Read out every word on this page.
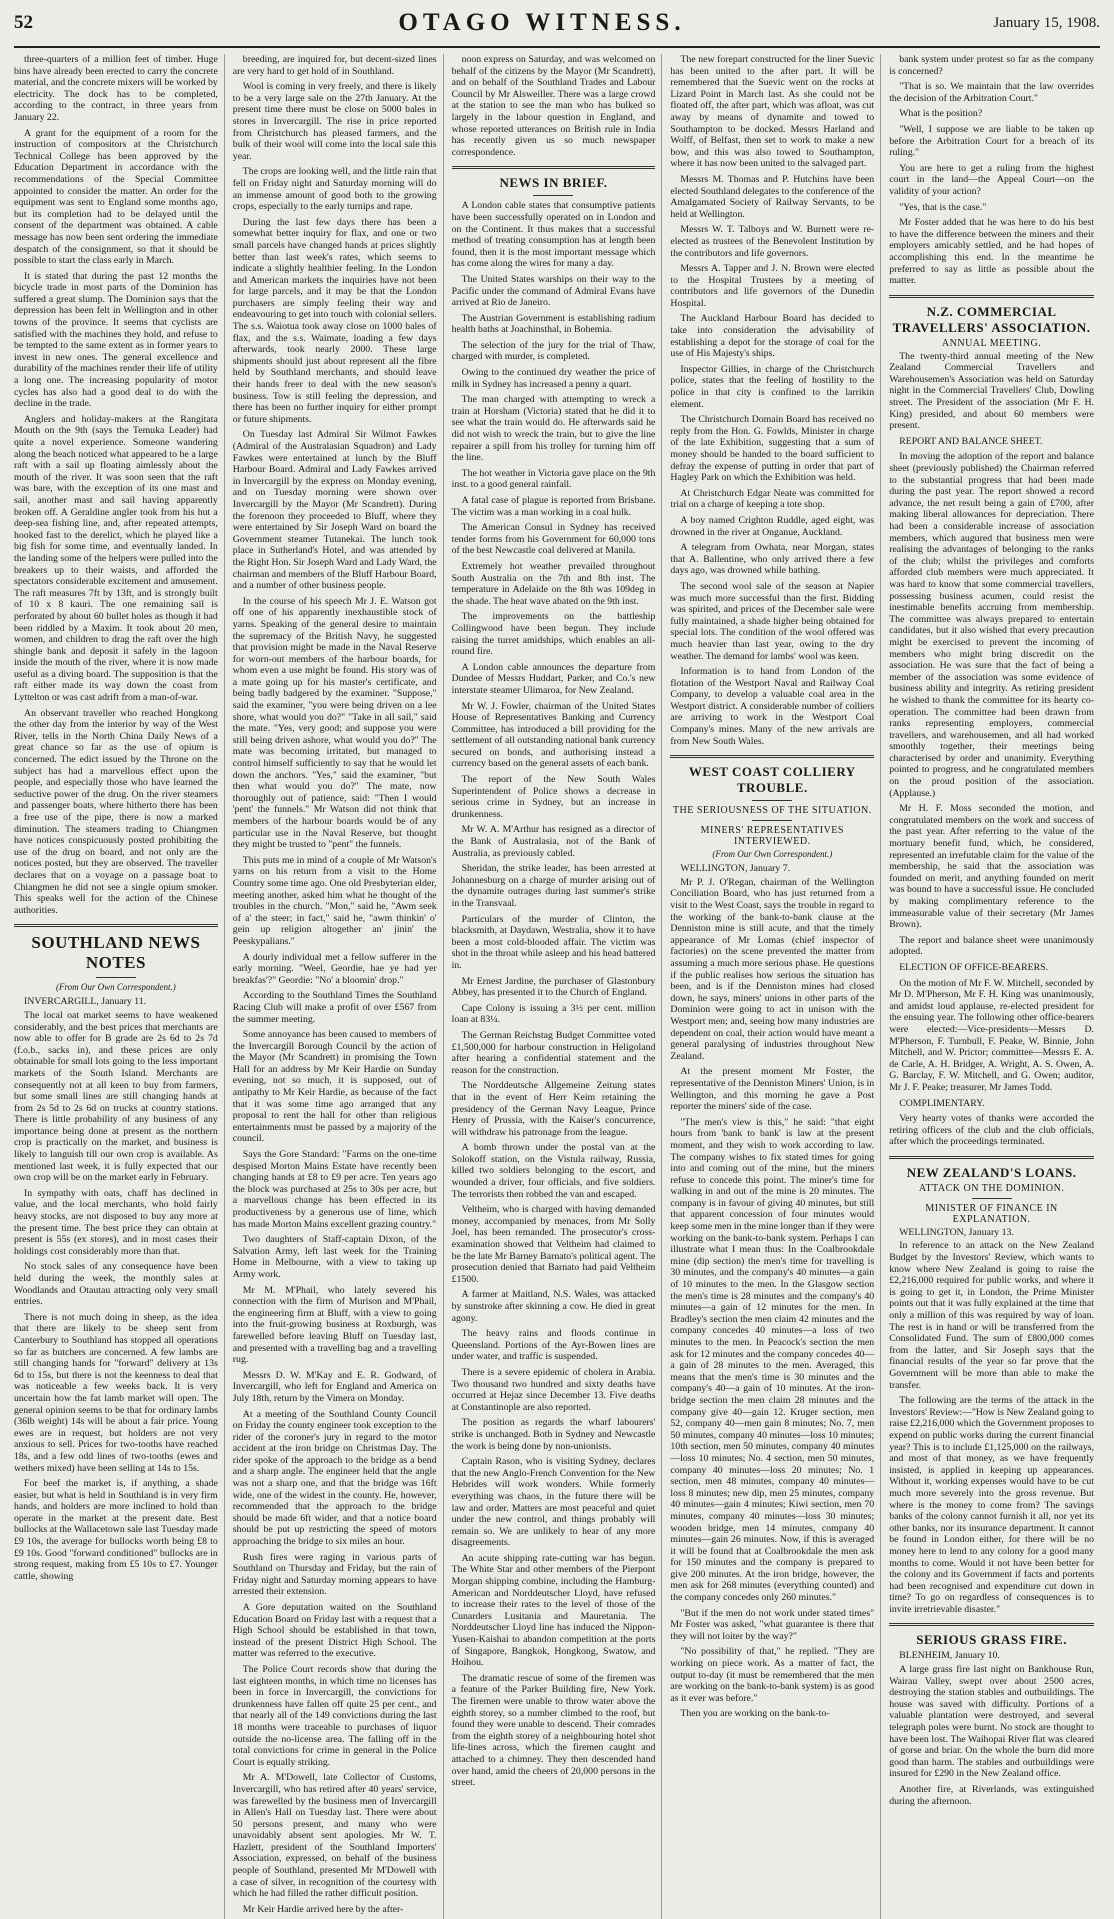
52	OTAGO WITNESS.	January 15, 1908.

three-quarters of a million feet of timber. Huge bins have already been erected to carry the concrete material, and the concrete mixers will be worked by electricity. The dock has to be completed, according to the contract, in three years from January 22.

A grant for the equipment of a room for the instruction of compositors at the Christchurch Technical College has been approved by the Education Department in accordance with the recommendations of the Special Committee appointed to consider the matter. An order for the equipment was sent to England some months ago, but its completion had to be delayed until the consent of the department was obtained. A cable message has now been sent ordering the immediate despatch of the consignment, so that it should be possible to start the class early in March.

It is stated that during the past 12 months the bicycle trade in most parts of the Dominion has suffered a great slump. The Dominion says that the depression has been felt in Wellington and in other towns of the province. It seems that cyclists are satisfied with the machines they hold, and refuse to be tempted to the same extent as in former years to invest in new ones. The general excellence and durability of the machines render their life of utility a long one. The increasing popularity of motor cycles has also had a good deal to do with the decline in the trade.

Anglers and holiday-makers at the Rangitata Mouth on the 9th (says the Temuka Leader) had quite a novel experience. Someone wandering along the beach noticed what appeared to be a large raft with a sail up floating aimlessly about the mouth of the river. It was soon seen that the raft was bare, with the exception of its one mast and sail, another mast and sail having apparently broken off. A Geraldine angler took from his hut a deep-sea fishing line, and, after repeated attempts, hooked fast to the derelict, which he played like a big fish for some time, and eventually landed. In the landing some of the helpers were pulled into the breakers up to their waists, and afforded the spectators considerable excitement and amusement. The raft measures 7ft by 13ft, and is strongly built of 10 x 8 kauri. The one remaining sail is perforated by about 60 bullet holes as though it had been riddled by a Maxim. It took about 20 men, women, and children to drag the raft over the high shingle bank and deposit it safely in the lagoon inside the mouth of the river, where it is now made useful as a diving board. The supposition is that the raft either made its way down the coast from Lyttelton or was cast adrift from a man-of-war.

An observant traveller who reached Hongkong the other day from the interior by way of the West River, tells in the North China Daily News of a great chance so far as the use of opium is concerned. The edict issued by the Throne on the subject has had a marvellous effect upon the people, and especially those who have learned the seductive power of the drug. On the river steamers and passenger boats, where hitherto there has been a free use of the pipe, there is now a marked diminution. The steamers trading to Chiangmen have notices conspicuously posted prohibiting the use of the drug on board, and not only are the notices posted, but they are observed. The traveller declares that on a voyage on a passage boat to Chiangmen he did not see a single opium smoker. This speaks well for the action of the Chinese authorities.

SOUTHLAND NEWS NOTES
(From Our Own Correspondent.)
INVERCARGILL, January 11.

The local oat market seems to have weakened considerably, and the best prices that merchants are now able to offer for B grade are 2s 6d to 2s 7d (f.o.b., sacks in), and these prices are only obtainable for small lots going to the less important markets of the South Island. Merchants are consequently not at all keen to buy from farmers, but some small lines are still changing hands at from 2s 5d to 2s 6d on trucks at country stations. There is little probability of any business of any importance being done at present as the northern crop is practically on the market, and business is likely to languish till our own crop is available. As mentioned last week, it is fully expected that our own crop will be on the market early in February.

In sympathy with oats, chaff has declined in value, and the local merchants, who hold fairly heavy stocks, are not disposed to buy any more at the present time. The best price they can obtain at present is 55s (ex stores), and in most cases their holdings cost considerably more than that.

No stock sales of any consequence have been held during the week, the monthly sales at Woodlands and Otautau attracting only very small entries.

There is not much doing in sheep, as the idea that there are likely to be sheep sent from Canterbury to Southland has stopped all operations so far as butchers are concerned. A few lambs are still changing hands for "forward" delivery at 13s 6d to 15s, but there is not the keenness to deal that was noticeable a few weeks back. It is very uncertain how the fat lamb market will open. The general opinion seems to be that for ordinary lambs (36lb weight) 14s will be about a fair price. Young ewes are in request, but holders are not very anxious to sell. Prices for two-tooths have reached 18s, and a few odd lines of two-tooths (ewes and wethers mixed) have been selling at 14s to 15s.

For beef the market is, if anything, a shade easier, but what is held in Southland is in very firm hands, and holders are more inclined to hold than operate in the market at the present date. Best bullocks at the Wallacetown sale last Tuesday made £9 10s, the average for bullocks worth being £8 to £9 10s. Good "forward conditioned" bullocks are in strong request, making from £5 10s to £7. Younger cattle, showing

breeding, are inquired for, but decent-sized lines are very hard to get hold of in Southland.

Wool is coming in very freely, and there is likely to be a very large sale on the 27th January. At the present time there must be close on 5000 bales in stores in Invercargill. The rise in price reported from Christchurch has pleased farmers, and the bulk of their wool will come into the local sale this year.

The crops are looking well, and the little rain that fell on Friday night and Saturday morning will do an immense amount of good both to the growing crops, especially to the early turnips and rape.

During the last few days there has been a somewhat better inquiry for flax, and one or two small parcels have changed hands at prices slightly better than last week's rates, which seems to indicate a slightly healthier feeling. In the London and American markets the inquiries have not been for large parcels, and it may be that the London purchasers are simply feeling their way and endeavouring to get into touch with colonial sellers. The s.s. Waiotua took away close on 1000 bales of flax, and the s.s. Waimate, loading a few days afterwards, took nearly 2000. These large shipments should just about represent all the fibre held by Southland merchants, and should leave their hands freer to deal with the new season's business. Tow is still feeling the depression, and there has been no further inquiry for either prompt or future shipments.

On Tuesday last Admiral Sir Wilmot Fawkes (Admiral of the Australasian Squadron) and Lady Fawkes were entertained at lunch by the Bluff Harbour Board. Admiral and Lady Fawkes arrived in Invercargill by the express on Monday evening, and on Tuesday morning were shown over Invercargill by the Mayor (Mr Scandrett). During the forenoon they proceeded to Bluff, where they were entertained by Sir Joseph Ward on board the Government steamer Tutanekai. The lunch took place in Sutherland's Hotel, and was attended by the Right Hon. Sir Joseph Ward and Lady Ward, the chairman and members of the Bluff Harbour Board, and a number of other business people.

In the course of his speech Mr J. E. Watson got off one of his apparently inexhaustible stock of yarns. Speaking of the general desire to maintain the supremacy of the British Navy, he suggested that provision might be made in the Naval Reserve for worn-out members of the harbour boards, for whom even a use might be found. His story was of a mate going up for his master's certificate, and being badly badgered by the examiner. "Suppose," said the examiner, "you were being driven on a lee shore, what would you do?" "Take in all sail," said the mate. "Yes, very good; and suppose you were still being driven ashore, what would you do?" The mate was becoming irritated, but managed to control himself sufficiently to say that he would let down the anchors. "Yes," said the examiner, "but then what would you do?" The mate, now thoroughly out of patience, said: "Then I would 'pent' the funnels." Mr Watson did not think that members of the harbour boards would be of any particular use in the Naval Reserve, but thought they might be trusted to "pent" the funnels.

This puts me in mind of a couple of Mr Watson's yarns on his return from a visit to the Home Country some time ago. One old Presbyterian elder, meeting another, asked him what he thought of the troubles in the church. "Mon," said he, "Awm seek of a' the steer; in fact," said he, "awm thinkin' o' gein up religion altogether an' jinin' the Peeskypalians."

A dourly individual met a fellow sufferer in the early morning. "Weel, Geordie, hae ye had yer breakfas'?" Geordie: "No' a bloomin' drop."

According to the Southland Times the Southland Racing Club will make a profit of over £567 from the summer meeting.

Some annoyance has been caused to members of the Invercargill Borough Council by the action of the Mayor (Mr Scandrett) in promising the Town Hall for an address by Mr Keir Hardie on Sunday evening, not so much, it is supposed, out of antipathy to Mr Keir Hardie, as because of the fact that it was some time ago arranged that any proposal to rent the hall for other than religious entertainments must be passed by a majority of the council.

Says the Gore Standard: "Farms on the one-time despised Morton Mains Estate have recently been changing hands at £8 to £9 per acre. Ten years ago the block was purchased at 25s to 30s per acre, but a marvellous change has been effected in its productiveness by a generous use of lime, which has made Morton Mains excellent grazing country."

Two daughters of Staff-captain Dixon, of the Salvation Army, left last week for the Training Home in Melbourne, with a view to taking up Army work.

Mr M. M'Phail, who lately severed his connection with the firm of Murison and M'Phail, the engineering firm at Bluff, with a view to going into the fruit-growing business at Roxburgh, was farewelled before leaving Bluff on Tuesday last, and presented with a travelling bag and a travelling rug.

Messrs D. W. M'Kay and E. R. Godward, of Invercargill, who left for England and America on July 18th, return by the Vimera on Monday.

At a meeting of the Southland County Council on Friday the county engineer took exception to the rider of the coroner's jury in regard to the motor accident at the iron bridge on Christmas Day. The rider spoke of the approach to the bridge as a bend and a sharp angle. The engineer held that the angle was not a sharp one, and that the bridge was 16ft wide, one of the widest in the county. He, however, recommended that the approach to the bridge should be made 6ft wider, and that a notice board should be put up restricting the speed of motors approaching the bridge to six miles an hour.

Rush fires were raging in various parts of Southland on Thursday and Friday, but the rain of Friday night and Saturday morning appears to have arrested their extension.

A Gore deputation waited on the Southland Education Board on Friday last with a request that a High School should be established in that town, instead of the present District High School. The matter was referred to the executive.

The Police Court records show that during the last eighteen months, in which time no licenses has been in force in Invercargill, the convictions for drunkenness have fallen off quite 25 per cent., and that nearly all of the 149 convictions during the last 18 months were traceable to purchases of liquor outside the no-license area. The falling off in the total convictions for crime in general in the Police Court is equally striking.

Mr A. M'Dowell, late Collector of Customs, Invercargill, who has retired after 40 years' service, was farewelled by the business men of Invercargill in Allen's Hall on Tuesday last. There were about 50 persons present, and many who were unavoidably absent sent apologies. Mr W. T. Hazlett, president of the Southland Importers' Association, expressed, on behalf of the business people of Southland, presented Mr M'Dowell with a case of silver, in recognition of the courtesy with which he had filled the rather difficult position.

Mr Keir Hardie arrived here by the after-

noon express on Saturday, and was welcomed on behalf of the citizens by the Mayor (Mr Scandrett), and on behalf of the Southland Trades and Labour Council by Mr Alsweiller. There was a large crowd at the station to see the man who has bulked so largely in the labour question in England, and whose reported utterances on British rule in India has recently given us so much newspaper correspondence.

NEWS IN BRIEF.

A London cable states that consumptive patients have been successfully operated on in London and on the Continent. It thus makes that a successful method of treating consumption has at length been found, then it is the most important message which has come along the wires for many a day.

The United States warships on their way to the Pacific under the command of Admiral Evans have arrived at Rio de Janeiro.

The Austrian Government is establishing radium health baths at Joachinsthal, in Bohemia.

The selection of the jury for the trial of Thaw, charged with murder, is completed.

Owing to the continued dry weather the price of milk in Sydney has increased a penny a quart.

The man charged with attempting to wreck a train at Horsham (Victoria) stated that he did it to see what the train would do. He afterwards said he did not wish to wreck the train, but to give the line repairer a spill from his trolley for turning him off the line.

The hot weather in Victoria gave place on the 9th inst. to a good general rainfall.

A fatal case of plague is reported from Brisbane. The victim was a man working in a coal hulk.

The American Consul in Sydney has received tender forms from his Government for 60,000 tons of the best Newcastle coal delivered at Manila.

Extremely hot weather prevailed throughout South Australia on the 7th and 8th inst. The temperature in Adelaide on the 8th was 109deg in the shade. The heat wave abated on the 9th inst.

The improvements on the battleship Collingwood have been begun. They include raising the turret amidships, which enables an all-round fire.

A London cable announces the departure from Dundee of Messrs Huddart, Parker, and Co.'s new interstate steamer Ulimaroa, for New Zealand.

Mr W. J. Fowler, chairman of the United States House of Representatives Banking and Currency Committee, has introduced a bill providing for the settlement of all outstanding national bank currency secured on bonds, and authorising instead a currency based on the general assets of each bank.

The report of the New South Wales Superintendent of Police shows a decrease in serious crime in Sydney, but an increase in drunkenness.

Mr W. A. M'Arthur has resigned as a director of the Bank of Australasia, not of the Bank of Australia, as previously cabled.

Sheridan, the strike leader, has been arrested at Johannesburg on a charge of murder arising out of the dynamite outrages during last summer's strike in the Transvaal.

Particulars of the murder of Clinton, the blacksmith, at Daydawn, Westralia, show it to have been a most cold-blooded affair. The victim was shot in the throat while asleep and his head battered in.

Mr Ernest Jardine, the purchaser of Glastonbury Abbey, has presented it to the Church of England.

Cape Colony is issuing a 3½ per cent. million loan at 83¼.

The German Reichstag Budget Committee voted £1,500,000 for harbour construction in Heligoland after hearing a confidential statement and the reason for the construction.

The Norddeutsche Allgemeine Zeitung states that in the event of Herr Keim retaining the presidency of the German Navy League, Prince Henry of Prussia, with the Kaiser's concurrence, will withdraw his patronage from the league.

A bomb thrown under the postal van at the Solokoff station, on the Vistula railway, Russia, killed two soldiers belonging to the escort, and wounded a driver, four officials, and five soldiers. The terrorists then robbed the van and escaped.

Veltheim, who is charged with having demanded money, accompanied by menaces, from Mr Solly Joel, has been remanded. The prosecutor's cross-examination showed that Veltheim had claimed to be the late Mr Barney Barnato's political agent. The prosecution denied that Barnato had paid Veltheim £1500.

A farmer at Maitland, N.S. Wales, was attacked by sunstroke after skinning a cow. He died in great agony.

The heavy rains and floods continue in Queensland. Portions of the Ayr-Bowen lines are under water, and traffic is suspended.

There is a severe epidemic of cholera in Arabia. Two thousand two hundred and sixty deaths have occurred at Hejaz since December 13. Five deaths at Constantinople are also reported.

The position as regards the wharf labourers' strike is unchanged. Both in Sydney and Newcastle the work is being done by non-unionists.

Captain Rason, who is visiting Sydney, declares that the new Anglo-French Convention for the New Hebrides will work wonders. While formerly everything was chaos, in the future there will be law and order. Matters are most peaceful and quiet under the new control, and things probably will remain so. We are unlikely to hear of any more disagreements.

An acute shipping rate-cutting war has begun. The White Star and other members of the Pierpont Morgan shipping combine, including the Hamburg-American and Norddeutscher Lloyd, have refused to increase their rates to the level of those of the Cunarders Lusitania and Mauretania. The Norddeutscher Lloyd line has induced the Nippon-Yusen-Kaishai to abandon competition at the ports of Singapore, Bangkok, Hongkong, Swatow, and Hoihou.

The dramatic rescue of some of the firemen was a feature of the Parker Building fire, New York. The firemen were unable to throw water above the eighth storey, so a number climbed to the roof, but found they were unable to descend. Their comrades from the eighth storey of a neighbouring hotel shot life-lines across, which the firemen caught and attached to a chimney. They then descended hand over hand, amid the cheers of 20,000 persons in the street.

The new forepart constructed for the liner Suevic has been united to the after part. It will be remembered that the Suevic went on the rocks at Lizard Point in March last. As she could not be floated off, the after part, which was afloat, was cut away by means of dynamite and towed to Southampton to be docked. Messrs Harland and Wolff, of Belfast, then set to work to make a new bow, and this was also towed to Southampton, where it has now been united to the salvaged part.

Messrs M. Thomas and P. Hutchins have been elected Southland delegates to the conference of the Amalgamated Society of Railway Servants, to be held at Wellington.

Messrs W. T. Talboys and W. Burnett were re-elected as trustees of the Benevolent Institution by the contributors and life governors.

Messrs A. Tapper and J. N. Brown were elected to the Hospital Trustees by a meeting of contributors and life governors of the Dunedin Hospital.

The Auckland Harbour Board has decided to take into consideration the advisability of establishing a depot for the storage of coal for the use of His Majesty's ships.

Inspector Gillies, in charge of the Christchurch police, states that the feeling of hostility to the police in that city is confined to the larrikin element.

The Christchurch Domain Board has received no reply from the Hon. G. Fowlds, Minister in charge of the late Exhibition, suggesting that a sum of money should be handed to the board sufficient to defray the expense of putting in order that part of Hagley Park on which the Exhibition was held.

At Christchurch Edgar Neate was committed for trial on a charge of keeping a tote shop.

A boy named Crighton Ruddle, aged eight, was drowned in the river at Onganue, Auckland.

A telegram from Owhata, near Morgan, states that A. Ballentine, who only arrived there a few days ago, was drowned while bathing.

The second wool sale of the season at Napier was much more successful than the first. Bidding was spirited, and prices of the December sale were fully maintained, a shade higher being obtained for special lots. The condition of the wool offered was much heavier than last year, owing to the dry weather. The demand for lambs' wool was keen.

Information is to hand from London of the flotation of the Westport Naval and Railway Coal Company, to develop a valuable coal area in the Westport district. A considerable number of colliers are arriving to work in the Westport Coal Company's mines. Many of the new arrivals are from New South Wales.

WEST COAST COLLIERY TROUBLE.
THE SERIOUSNESS OF THE SITUATION.
MINERS' REPRESENTATIVES INTERVIEWED.
(From Our Own Correspondent.)
WELLINGTON, January 7.

Mr P. J. O'Regan, chairman of the Wellington Conciliation Board, who has just returned from a visit to the West Coast, says the trouble in regard to the working of the bank-to-bank clause at the Denniston mine is still acute, and that the timely appearance of Mr Lomas (chief inspector of factories) on the scene prevented the matter from assuming a much more serious phase. He questions if the public realises how serious the situation has been, and is if the Denniston mines had closed down, he says, miners' unions in other parts of the Dominion were going to act in unison with the Westport men; and, seeing how many industries are dependent on coal, their action would have meant a general paralysing of industries throughout New Zealand.

At the present moment Mr Foster, the representative of the Denniston Miners' Union, is in Wellington, and this morning he gave a Post reporter the miners' side of the case.

"The men's view is this," he said: "that eight hours from 'bank to bank' is law at the present moment, and they wish to work according to law. The company wishes to fix stated times for going into and coming out of the mine, but the miners refuse to concede this point. The miner's time for walking in and out of the mine is 20 minutes. The company is in favour of giving 40 minutes, but still that apparent concession of four minutes would keep some men in the mine longer than if they were working on the bank-to-bank system. Perhaps I can illustrate what I mean thus: In the Coalbrookdale mine (dip section) the men's time for travelling is 30 minutes, and the company's 40 minutes—a gain of 10 minutes to the men. In the Glasgow section the men's time is 28 minutes and the company's 40 minutes—a gain of 12 minutes for the men. In Bradley's section the men claim 42 minutes and the company concedes 40 minutes—a loss of two minutes to the men. In Peacock's section the men ask for 12 minutes and the company concedes 40—a gain of 28 minutes to the men. Averaged, this means that the men's time is 30 minutes and the company's 40—a gain of 10 minutes. At the iron-bridge section the men claim 28 minutes and the company give 40—gain 12. Kruger section, men 52, company 40—men gain 8 minutes; No. 7, men 50 minutes, company 40 minutes—loss 10 minutes; 10th section, men 50 minutes, company 40 minutes—loss 10 minutes; No. 4 section, men 50 minutes, company 40 minutes—loss 20 minutes; No. 1 section, men 48 minutes, company 40 minutes—loss 8 minutes; new dip, men 25 minutes, company 40 minutes—gain 4 minutes; Kiwi section, men 70 minutes, company 40 minutes—loss 30 minutes; wooden bridge, men 14 minutes, company 40 minutes—gain 26 minutes. Now, if this is averaged it will be found that at Coalbrookdale the men ask for 150 minutes and the company is prepared to give 200 minutes. At the iron bridge, however, the men ask for 268 minutes (everything counted) and the company concedes only 260 minutes."

"But if the men do not work under stated times" Mr Foster was asked, "what guarantee is there that they will not loiter by the way?"

"No possibility of that," he replied. "They are working on piece work. As a matter of fact, the output to-day (it must be remembered that the men are working on the bank-to-bank system) is as good as it ever was before."

Then you are working on the bank-to-

bank system under protest so far as the company is concerned?

"That is so. We maintain that the law overrides the decision of the Arbitration Court."

What is the position?

"Well, I suppose we are liable to be taken up before the Arbitration Court for a breach of its ruling."

You are here to get a ruling from the highest court in the land—the Appeal Court—on the validity of your action?

"Yes, that is the case."

Mr Foster added that he was here to do his best to have the difference between the miners and their employers amicably settled, and he had hopes of accomplishing this end. In the meantime he preferred to say as little as possible about the matter.

N.Z. COMMERCIAL TRAVELLERS' ASSOCIATION.
ANNUAL MEETING.

The twenty-third annual meeting of the New Zealand Commercial Travellers and Warehousemen's Association was held on Saturday night in the Commercial Travellers' Club, Dowling street. The President of the association (Mr F. H. King) presided, and about 60 members were present.

REPORT AND BALANCE SHEET.

In moving the adoption of the report and balance sheet (previously published) the Chairman referred to the substantial progress that had been made during the past year. The report showed a record advance, the net result being a gain of £700, after making liberal allowances for depreciation. There had been a considerable increase of association members, which augured that business men were realising the advantages of belonging to the ranks of the club; whilst the privileges and comforts afforded club members were much appreciated. It was hard to know that some commercial travellers, possessing business acumen, could resist the inestimable benefits accruing from membership. The committee was always prepared to entertain candidates, but it also wished that every precaution might be exercised to prevent the incoming of members who might bring discredit on the association. He was sure that the fact of being a member of the association was some evidence of business ability and integrity. As retiring president he wished to thank the committee for its hearty co-operation. The committee had been drawn from ranks representing employers, commercial travellers, and warehousemen, and all had worked smoothly together, their meetings being characterised by order and unanimity. Everything pointed to progress, and he congratulated members on the proud position of the association. (Applause.)

Mr H. F. Moss seconded the motion, and congratulated members on the work and success of the past year. After referring to the value of the mortuary benefit fund, which, he considered, represented an irrefutable claim for the value of the membership, he said that the association was founded on merit, and anything founded on merit was bound to have a successful issue. He concluded by making complimentary reference to the immeasurable value of their secretary (Mr James Brown).

The report and balance sheet were unanimously adopted.

ELECTION OF OFFICE-BEARERS.

On the motion of Mr F. W. Mitchell, seconded by Mr D. M'Pherson, Mr F. H. King was unanimously, and amidst loud applause, re-elected president for the ensuing year. The following other office-bearers were elected:—Vice-presidents—Messrs D. M'Pherson, F. Turnbull, F. Peake, W. Binnie, John Mitchell, and W. Prictor; committee—Messrs E. A. de Carle, A. H. Bridger, A. Wright, A. S. Owen, A. G. Barclay, F. W. Mitchell, and G. Owen; auditor, Mr J. F. Peake; treasurer, Mr James Todd.

COMPLIMENTARY.

Very hearty votes of thanks were accorded the retiring officers of the club and the club officials, after which the proceedings terminated.

NEW ZEALAND'S LOANS.
ATTACK ON THE DOMINION.
MINISTER OF FINANCE IN EXPLANATION.
WELLINGTON, January 13.

In reference to an attack on the New Zealand Budget by the Investors' Review, which wants to know where New Zealand is going to raise the £2,216,000 required for public works, and where it is going to get it, in London, the Prime Minister points out that it was fully explained at the time that only a million of this was required by way of loan. The rest is in hand or will be transferred from the Consolidated Fund. The sum of £800,000 comes from the latter, and Sir Joseph says that the financial results of the year so far prove that the Government will be more than able to make the transfer.

The following are the terms of the attack in the Investors' Review:—"How is New Zealand going to raise £2,216,000 which the Government proposes to expend on public works during the current financial year? This is to include £1,125,000 on the railways, and most of that money, as we have frequently insisted, is applied in keeping up appearances. Without it, working expenses would have to be cut much more severely into the gross revenue. But where is the money to come from? The savings banks of the colony cannot furnish it all, nor yet its other banks, nor its insurance department. It cannot be found in London either, for there will be no money here to lend to any colony for a good many months to come. Would it not have been better for the colony and its Government if facts and portents had been recognised and expenditure cut down in time? To go on regardless of consequences is to invite irretrievable disaster."

SERIOUS GRASS FIRE.
BLENHEIM, January 10.

A large grass fire last night on Bankhouse Run, Wairau Valley, swept over about 2500 acres, destroying the station stables and outbuildings. The house was saved with difficulty. Portions of a valuable plantation were destroyed, and several telegraph poles were burnt. No stock are thought to have been lost. The Waihopai River flat was cleared of gorse and briar. On the whole the burn did more good than harm. The stables and outbuildings were insured for £290 in the New Zealand office.

Another fire, at Riverlands, was extinguished during the afternoon.
